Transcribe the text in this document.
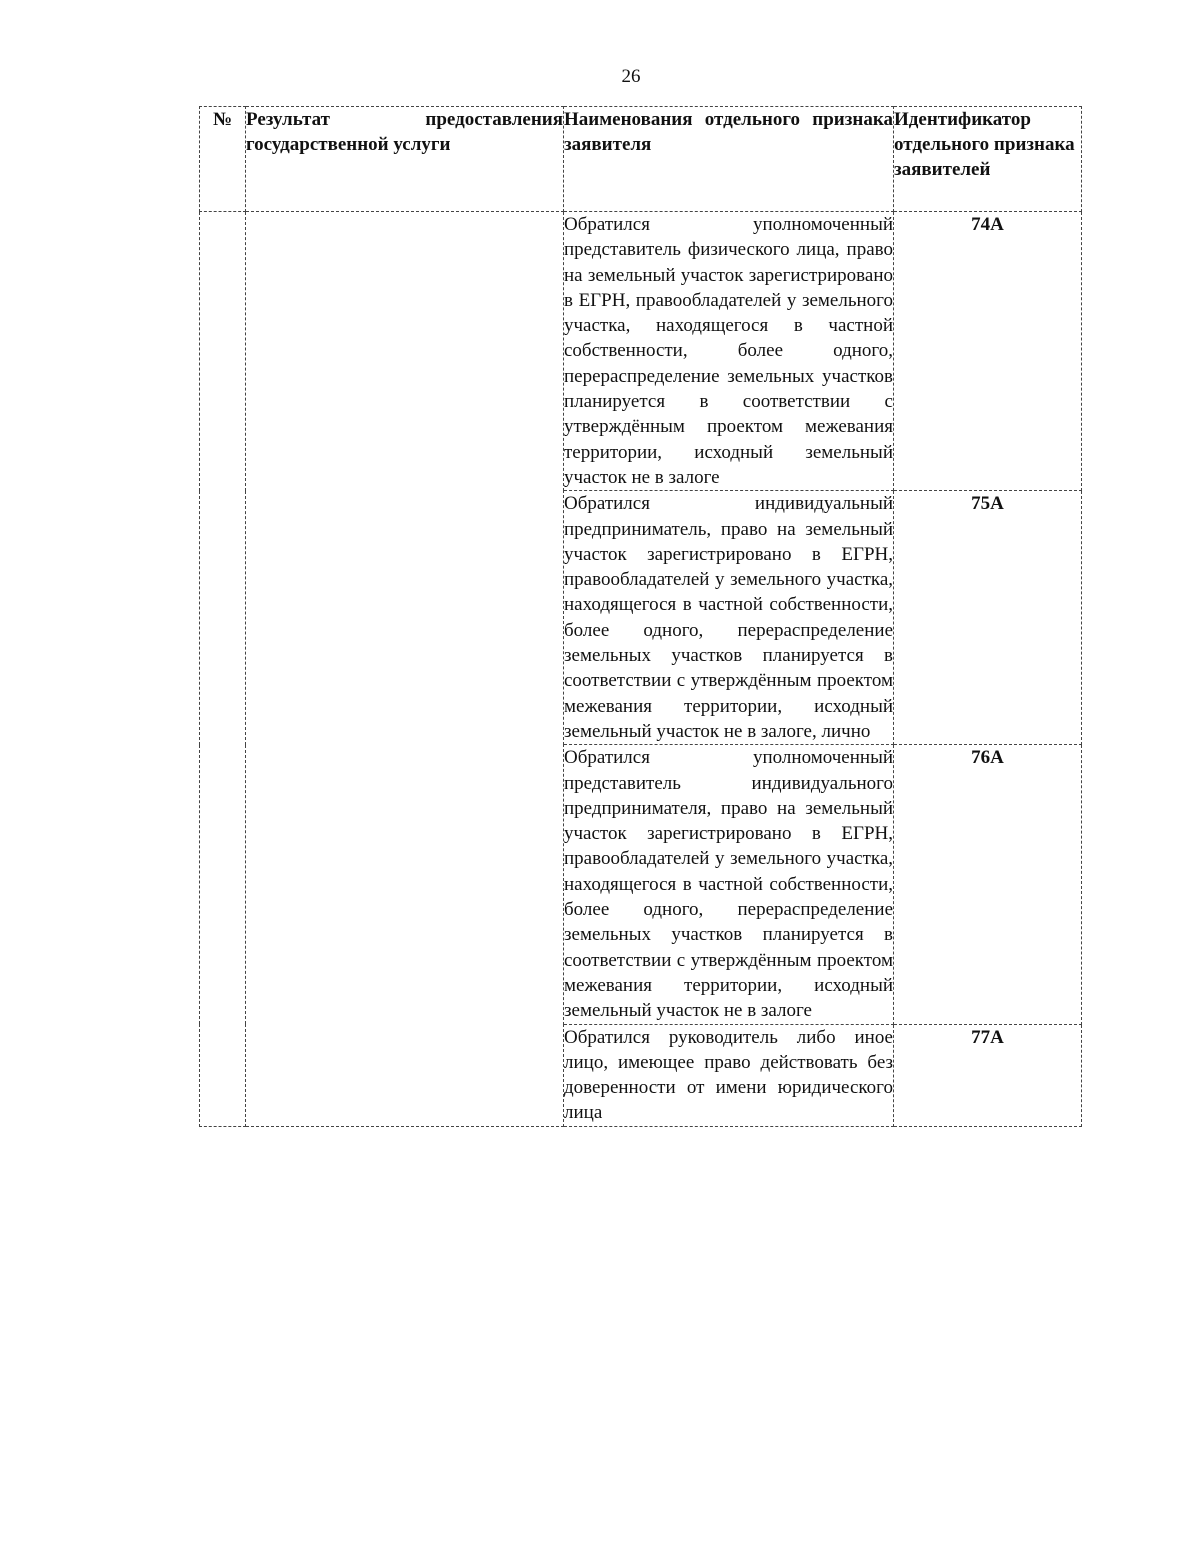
26
№	Результат предоставления государственной услуги	Наименования отдельного признака заявителя	Идентификатор отдельного признака заявителей
		Обратился уполномоченный представитель физического лица, право на земельный участок зарегистрировано в ЕГРН, правообладателей у земельного участка, находящегося в частной собственности, более одного, перераспределение земельных участков планируется в соответствии с утверждённым проектом межевания территории, исходный земельный участок не в залоге	74А
		Обратился индивидуальный предприниматель, право на земельный участок зарегистрировано в ЕГРН, правообладателей у земельного участка, находящегося в частной собственности, более одного, перераспределение земельных участков планируется в соответствии с утверждённым проектом межевания территории, исходный земельный участок не в залоге, лично	75А
		Обратился уполномоченный представитель индивидуального предпринимателя, право на земельный участок зарегистрировано в ЕГРН, правообладателей у земельного участка, находящегося в частной собственности, более одного, перераспределение земельных участков планируется в соответствии с утверждённым проектом межевания территории, исходный земельный участок не в залоге	76А
		Обратился руководитель либо иное лицо, имеющее право действовать без доверенности от имени юридического лица	77А
